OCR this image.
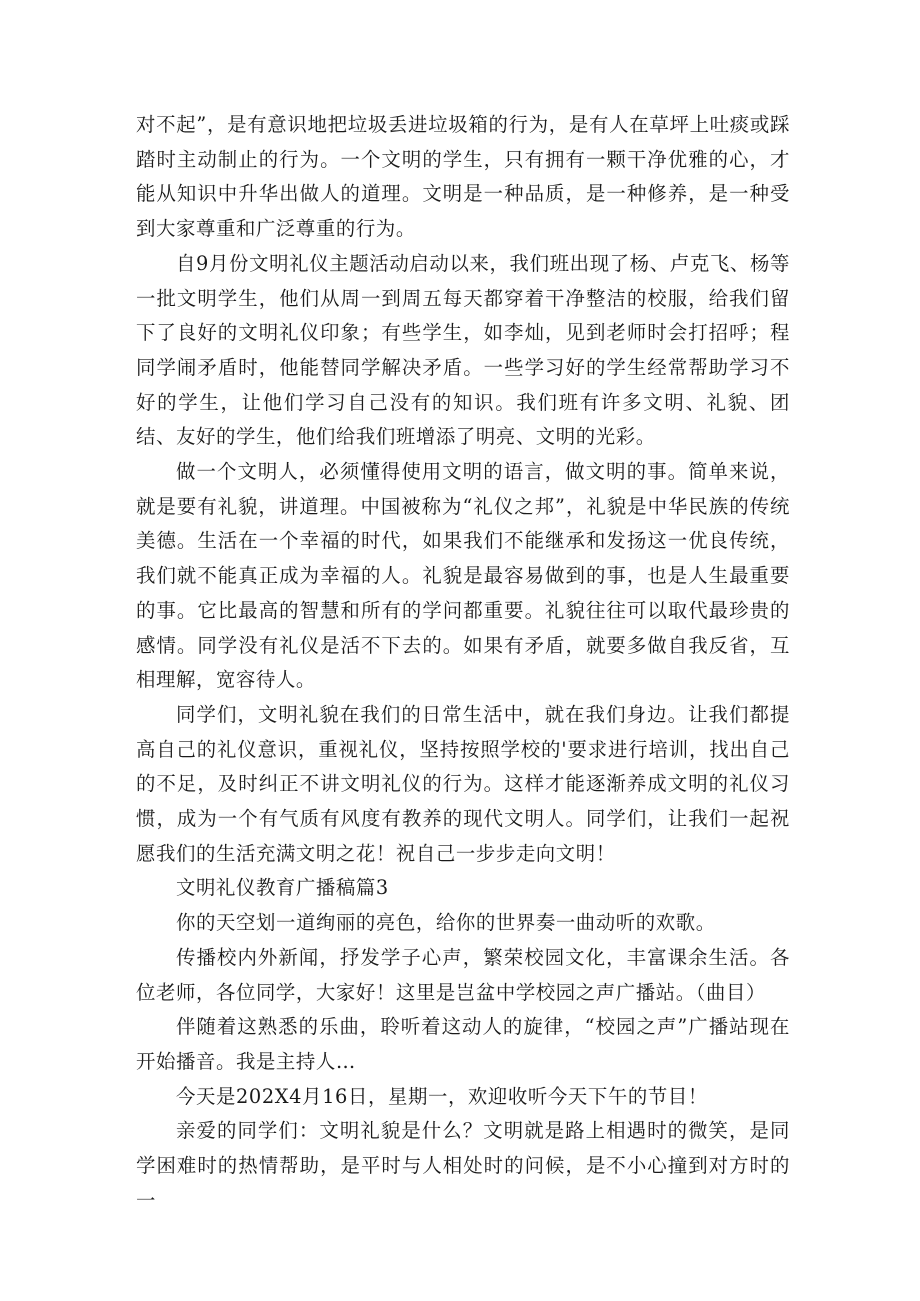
对不起”，是有意识地把垃圾丢进垃圾箱的行为，是有人在草坪上吐痰或踩踏时主动制止的行为。一个文明的学生，只有拥有一颗干净优雅的心，才能从知识中升华出做人的道理。文明是一种品质，是一种修养，是一种受到大家尊重和广泛尊重的行为。

自9月份文明礼仪主题活动启动以来，我们班出现了杨、卢克飞、杨等一批文明学生，他们从周一到周五每天都穿着干净整洁的校服，给我们留下了良好的文明礼仪印象；有些学生，如李灿，见到老师时会打招呼；程同学闹矛盾时，他能替同学解决矛盾。一些学习好的学生经常帮助学习不好的学生，让他们学习自己没有的知识。我们班有许多文明、礼貌、团结、友好的学生，他们给我们班增添了明亮、文明的光彩。

做一个文明人，必须懂得使用文明的语言，做文明的事。简单来说，就是要有礼貌，讲道理。中国被称为“礼仪之邦”，礼貌是中华民族的传统美德。生活在一个幸福的时代，如果我们不能继承和发扬这一优良传统，我们就不能真正成为幸福的人。礼貌是最容易做到的事，也是人生最重要的事。它比最高的智慧和所有的学问都重要。礼貌往往可以取代最珍贵的感情。同学没有礼仪是活不下去的。如果有矛盾，就要多做自我反省，互相理解，宽容待人。

同学们，文明礼貌在我们的日常生活中，就在我们身边。让我们都提高自己的礼仪意识，重视礼仪，坚持按照学校的'要求进行培训，找出自己的不足，及时纠正不讲文明礼仪的行为。这样才能逐渐养成文明的礼仪习惯，成为一个有气质有风度有教养的现代文明人。同学们，让我们一起祝愿我们的生活充满文明之花！祝自己一步步走向文明！

文明礼仪教育广播稿篇3

你的天空划一道绚丽的亮色，给你的世界奏一曲动听的欢歌。

传播校内外新闻，抒发学子心声，繁荣校园文化，丰富课余生活。各位老师，各位同学，大家好！这里是岂盆中学校园之声广播站。（曲目）

伴随着这熟悉的乐曲，聆听着这动人的旋律，“校园之声”广播站现在开始播音。我是主持人…

今天是202X4月16日，星期一，欢迎收听今天下午的节目！

亲爱的同学们：文明礼貌是什么？文明就是路上相遇时的微笑，是同学困难时的热情帮助，是平时与人相处时的问候，是不小心撞到对方时的一
